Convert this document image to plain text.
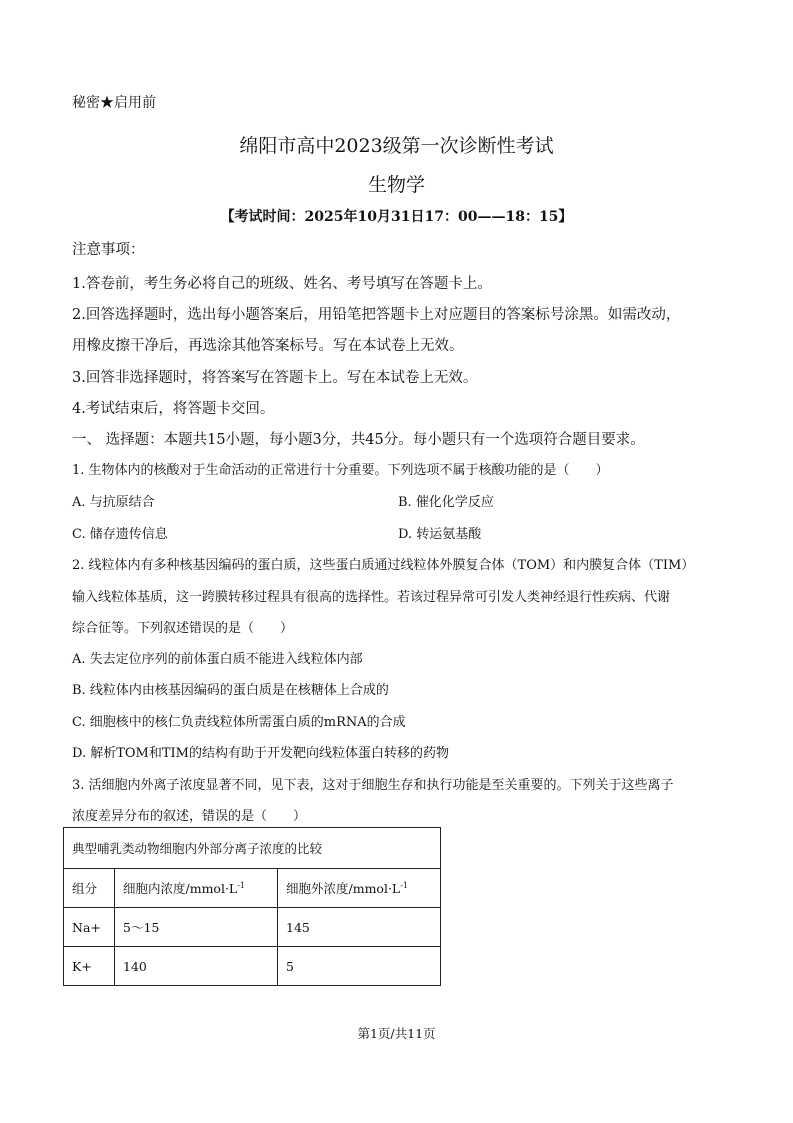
秘密★启用前
绵阳市高中2023级第一次诊断性考试
生物学
【考试时间：2025年10月31日17：00——18：15】
注意事项：
1.答卷前，考生务必将自己的班级、姓名、考号填写在答题卡上。
2.回答选择题时，选出每小题答案后，用铅笔把答题卡上对应题目的答案标号涂黑。如需改动，
用橡皮擦干净后，再选涂其他答案标号。写在本试卷上无效。
3.回答非选择题时，将答案写在答题卡上。写在本试卷上无效。
4.考试结束后，将答题卡交回。
一、 选择题：本题共15小题，每小题3分，共45分。每小题只有一个选项符合题目要求。
1. 生物体内的核酸对于生命活动的正常进行十分重要。下列选项不属于核酸功能的是（　　）
A. 与抗原结合	B. 催化化学反应
C. 储存遗传信息	D. 转运氨基酸
2. 线粒体内有多种核基因编码的蛋白质，这些蛋白质通过线粒体外膜复合体（TOM）和内膜复合体（TIM）
输入线粒体基质，这一跨膜转移过程具有很高的选择性。若该过程异常可引发人类神经退行性疾病、代谢
综合征等。下列叙述错误的是（　　）
A. 失去定位序列的前体蛋白质不能进入线粒体内部
B. 线粒体内由核基因编码的蛋白质是在核糖体上合成的
C. 细胞核中的核仁负责线粒体所需蛋白质的mRNA的合成
D. 解析TOM和TIM的结构有助于开发靶向线粒体蛋白转移的药物
3. 活细胞内外离子浓度显著不同，见下表，这对于细胞生存和执行功能是至关重要的。下列关于这些离子
浓度差异分布的叙述，错误的是（　　）
典型哺乳类动物细胞内外部分离子浓度的比较		
组分	细胞内浓度$/mmol\cdot L^{-1}$	细胞外浓度$/mmol\cdot L^{-1}$
Na+	5～15	145
K+	140	5
第1页/共11页
